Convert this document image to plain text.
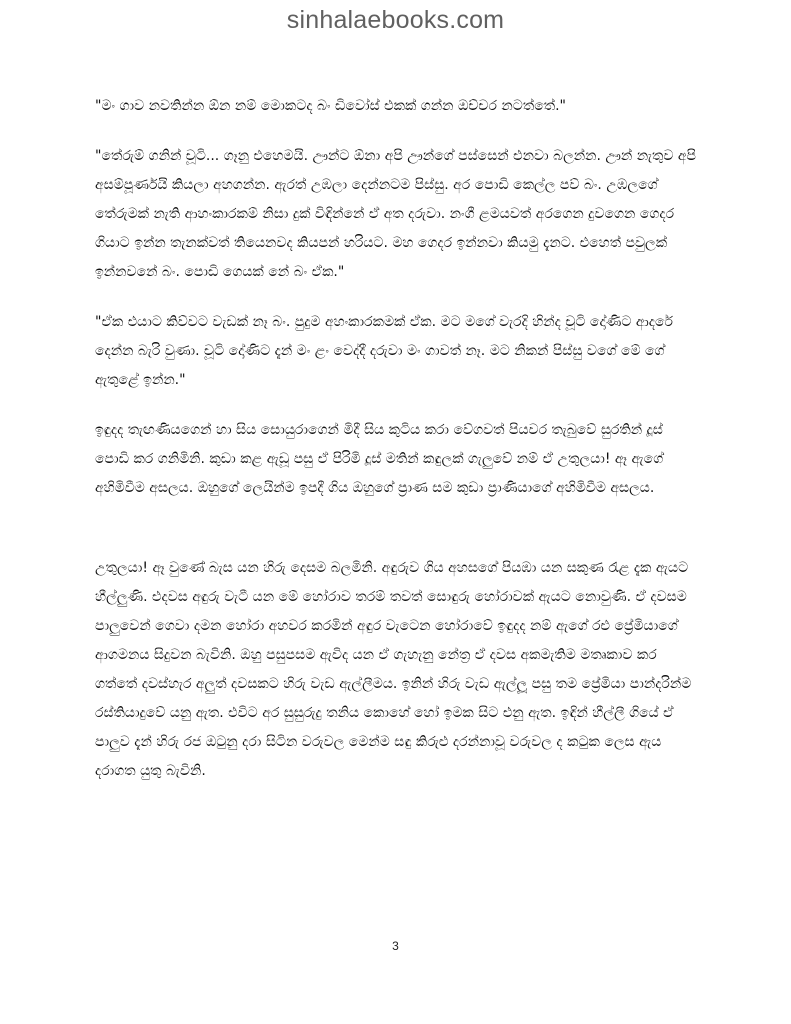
sinhalaebooks.com

"මං ගාව නවතින්න ඕන නම් මොකටද බං ඩිවෝස් එකක් ගන්න ඔච්චර නටත්තේ."

"තේරුම් ගනින් චූටි... ගෑනු එහෙමයි. ඌන්ට ඕනා අපි ඌන්ගේ පස්සෙන් එනවා බලන්න. ඌන් නැතුව අපි අසම්පූර්ණයි කියලා අහගන්න. ඇරත් උඹලා දෙන්නටම පිස්සු. අර පොඩි කෙල්ල පව් බං. උඹලගේ තේරුමක් නැති ආහංකාරකම් නිසා දුක් විඳින්නේ ඒ අත දරුවා. නංගී ළමයවත් අරගෙන දුවගෙන ගෙදර ගියාට ඉන්න තැනක්වත් තියෙනවද කියපන් හරියට. මහ ගෙදර ඉන්නවා කියමු දැනට. එහෙත් පවුලක් ඉන්නවනේ බං. පොඩි ගෙයක් නේ බං ඒක."

"ඒක එයාට කිව්වට වැඩක් නෑ බං. පුදුම අහංකාරකමක් ඒක. මට මගේ වැරදි හින්ද චූටි දෝණිට ආදරේ දෙන්න බැරි වුණා. චූටි දෝණිට දැන් මං ළං වෙද්දී දරුවා මං ගාවත් නෑ. මට නිකන් පිස්සු වගේ මේ ගේ ඇතුළේ ඉන්න."

ඉඳුදද තැඟණියගෙන් හා සිය සොයුරාගෙන් මිදී සිය කුටිය කරා වේගවත් පියවර තැබුවේ සුරතින් දූස් පොඩි කර ගනිමිනි. කුඩා කළ ඇඩූ පසු ඒ පිරිමි දූස් මතින් කඳුලක් ගැලුවේ නම් ඒ උතුලයා! ඈ ඇගේ අහිමිවීම අසලය. ඔහුගේ ලෙයින්ම ඉපදී ගිය ඔහුගේ ප්‍රාණ සම කුඩා ප්‍රාණියාගේ අහිමිවීම අසලය.

උතුලයා! ඈ වුණේ බැස යන හිරු දෙසම බලමිනි. අඳුරුව ගිය අහසගේ පියඹා යන සකුණ රැළ දැක ඇයට හීල්ලුණි. එදවස අඳුරු වැටී යන මේ හෝරාව තරම් තවත් සොඳුරු හෝරාවක් ඇයට නොවුණි. ඒ දවසම පාලුවෙන් ගෙවා දමන හෝරා අහවර කරමින් අඳුර වැටෙන හෝරාවේ ඉඳුදද නම් ඇගේ රළු ප්‍රේමියාගේ ආගමනය සිදුවන බැවිනි. ඔහු පසුපසම ඇවිද යන ඒ ගැහැනු නේත්‍ර ඒ දවස අකමැතිම මතෘකාව කර ගත්තේ දවස්හැර අලුත් දවසකට හිරු වැඩ ඇල්ලීමය. ඉනින් හිරු වැඩ ඇල්ලූ පසු තම ප්‍රේමියා පාන්දරින්ම රස්තියාදුවේ යනු ඇත. එවිට අර සුසුරුදු තනිය කොහේ හෝ ඉමක සිට එනු ඇත. ඉඳින් හීල්ලී ගියේ ඒ පාලුව දැන් හිරු රජ ඔටුනු දරා සිටින වරුවල මෙන්ම සඳු කිරුළු දරන්නාවූ වරුවල ද කටුක ලෙස ඇය දරාගත යුතු බැවිනි.

3
